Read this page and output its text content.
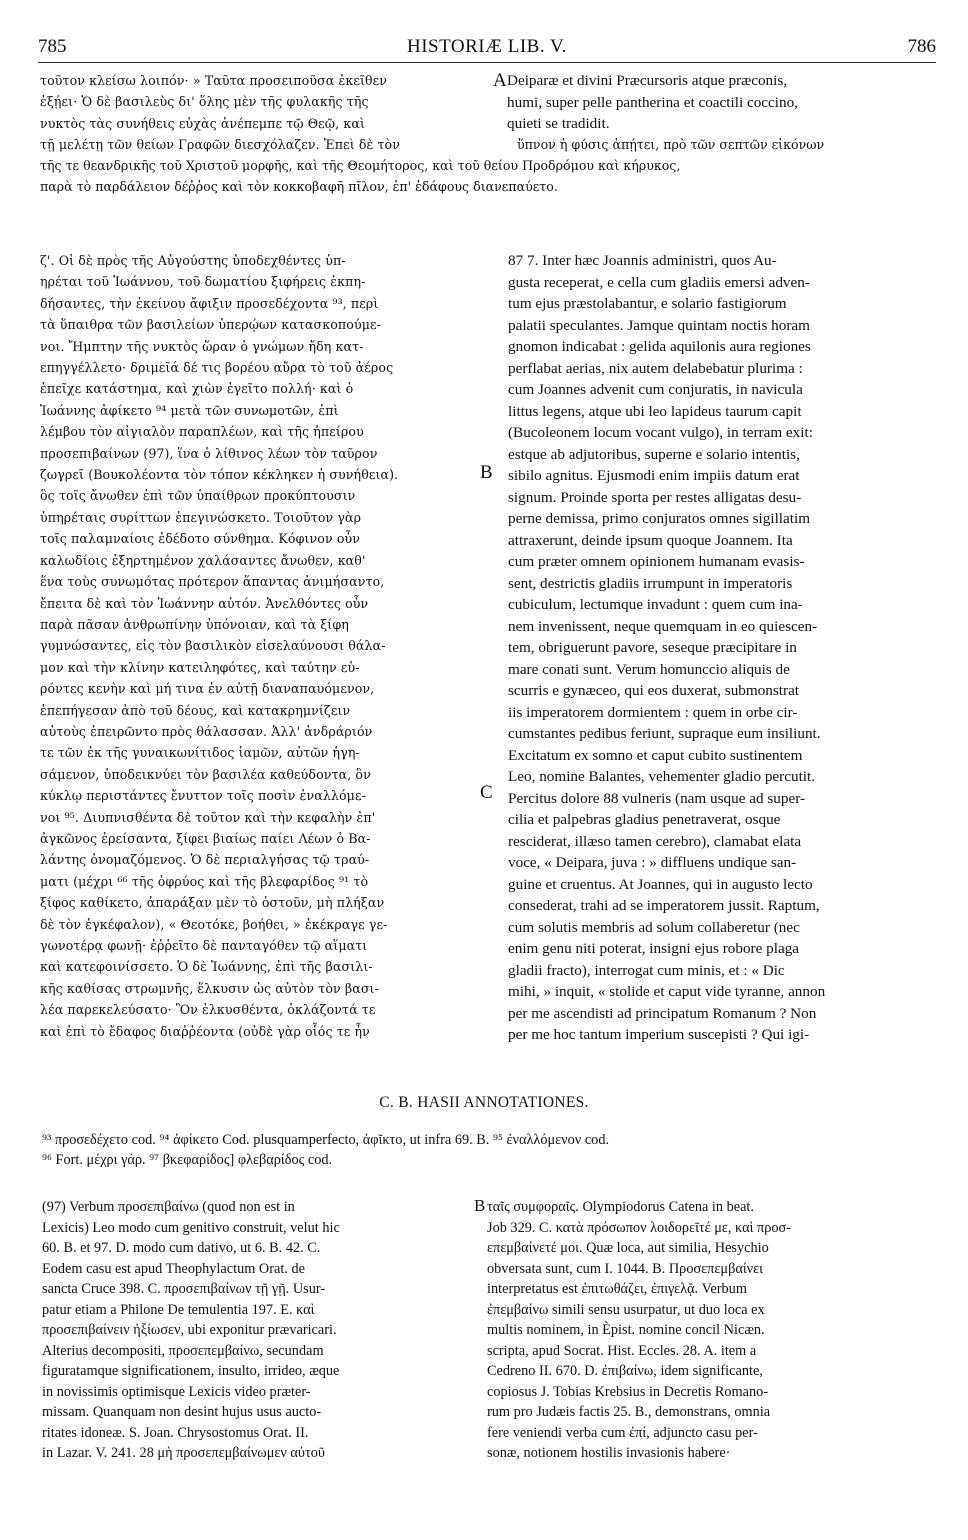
785	HISTORIÆ LIB. V.	786
τοῦτον κλείσω λοιπόν· » Ταῦτα προσειποῦσα ἐκεῖθεν
ἐξῄει· Ὁ δὲ βασιλεὺς δι' ὅλης μὲν τῆς φυλακῆς τῆς
νυκτὸς τὰς συνήθεις εὐχὰς ἀνέπεμπε τῷ Θεῷ, καὶ
τῇ μελέτῃ τῶν θείων Γραφῶν διεσχόλαζεν. Ἐπεὶ δὲ τὸν
A Deiparæ et divini Præcursoris atque præconis,
humi, super pelle pantherina et coactili coccino,
quieti se tradidit.
ὕπνον ἡ φύσις ἀπῄτει, πρὸ τῶν σεπτῶν εἰκόνων
τῆς τε θεανδρικῆς τοῦ Χριστοῦ μορφῆς, καὶ τῆς Θεομήτορος, καὶ τοῦ θείου Προδρόμου καὶ κήρυκος,
παρὰ τὸ παρδάλειον δέῤῥος καὶ τὸν κοκκοβαφῆ πῖλον, ἐπ' ἐδάφους διανεπαύετο.
ζ'. Οἱ δὲ πρὸς τῆς Αὐγούστης ὑποδεχθέντες ὑπ-
ηρέται τοῦ Ἰωάννου, τοῦ δωματίου ξιφήρεις ἐκπη-
δήσαντες, τὴν ἐκείνου ἄφιξιν προσεδέχοντα ⁹³, περὶ
τὰ ὕπαιθρα τῶν βασιλείων ὑπερῴων κατασκοπούμε-
νοι. Ἤμπτην τῆς νυκτὸς ὥραν ὁ γνώμων ἤδη κατ-
επηγγέλλετο· δριμεῖά δέ τις βορέου αὔρα τὸ τοῦ ἀέρος
ἐπεῖχε κατάστημα, καὶ χιὼν ἐγεῖτο πολλή· καὶ ὁ
Ἰωάννης ἀφίκετο ⁹⁴ μετὰ τῶν συνωμοτῶν, ἐπὶ
λέμβου τὸν αἰγιαλὸν παραπλέων, καὶ τῆς ἠπείρου
προσεπιβαίνων (97), ἵνα ὁ λίθινος λέων τὸν ταῦρον
ζωγρεῖ (Βουκολέοντα τὸν τόπον κέκληκεν ἡ συνήθεια).
ὃς τοῖς ἄνωθεν ἐπὶ τῶν ὑπαίθρων προκύπτουσιν
ὑπηρέταις συρίττων ἐπεγινώσκετο. Τοιοῦτον γὰρ
τοῖς παλαμναίοις ἐδέδοτο σύνθημα. Κόφινον οὖν
καλωδίοις ἐξηρτημένον χαλάσαντες ἄνωθεν, καθ'
ἕνα τοὺς συνωμότας πρότερον ἅπαντας ἀνιμήσαντο,
ἔπειτα δὲ καὶ τὸν Ἰωάννην αὐτόν. Ἀνελθόντες οὖν
παρὰ πᾶσαν ἀνθρωπίνην ὑπόνοιαν, καὶ τὰ ξίφη
γυμνώσαντες, εἰς τὸν βασιλικὸν εἰσελαύνουσι θάλα-
μον καὶ τὴν κλίνην κατειληφότες, καὶ ταύτην εὑ-
ρόντες κενὴν καὶ μή τινα ἐν αὐτῇ διαναπαυόμενον,
ἐπεπήγεσαν ἀπὸ τοῦ δέους, καὶ κατακρημνίζειν
αὐτοὺς ἐπειρῶντο πρὸς θάλασσαν. Ἀλλ' ἀνδράριόν
τε τῶν ἐκ τῆς γυναικωνίτιδος ἰαμῶν, αὐτῶν ἡγη-
σάμενον, ὑποδεικνύει τὸν βασιλέα καθεύδοντα, ὃν
κύκλῳ περιστάντες ἔνυττον τοῖς ποσὶν ἐναλλόμε-
νοι ⁹⁵. Διυπνισθέντα δὲ τοῦτον καὶ τὴν κεφαλὴν ἐπ'
ἀγκῶνος ἐρείσαντα, ξίφει βιαίως παίει Λέων ὁ Βα-
λάντης ὀνομαζόμενος. Ὁ δὲ περιαλγήσας τῷ τραύ-
ματι (μέχρι ⁶⁶ τῆς ὀφρύος καὶ τῆς βλεφαρίδος ⁹¹ τὸ
ξίφος καθίκετο, ἀπαράξαν μὲν τὸ ὀστοῦν, μὴ πλήξαν
δὲ τὸν ἐγκέφαλον), « Θεοτόκε, βοήθει, » ἐκέκραγε γε-
γωνοτέρᾳ φωνῇ· ἐῤῥεῖτο δὲ πανταγόθεν τῷ αἵματι
καὶ κατεφοινίσσετο. Ὁ δὲ Ἰωάννης, ἐπὶ τῆς βασιλι-
κῆς καθίσας στρωμνῆς, ἕλκυσιν ὡς αὐτὸν τὸν βασι-
λέα παρεκελεύσατο· Ὃν ἑλκυσθέντα, ὀκλάζοντά τε
καὶ ἐπὶ τὸ ἔδαφος διαῤῥέοντα (οὐδὲ γὰρ οἷός τε ἦν
B
C
87 7. Inter hæc Joannis administri, quos Au-
gusta receperat, e cella cum gladiis emersi adven-
tum ejus præstolabantur, e solario fastigiorum
palatii speculantes. Jamque quintam noctis horam
gnomon indicabat : gelida aquilonis aura regiones
perflabat aerias, nix autem delabebatur plurima :
cum Joannes advenit cum conjuratis, in navicula
littus legens, atque ubi leo lapideus taurum capit
(Bucoleonem locum vocant vulgo), in terram exit:
estque ab adjutoribus, superne e solario intentis,
sibilo agnitus. Ejusmodi enim impiis datum erat
signum. Proinde sporta per restes alligatas desu-
perne demissa, primo conjuratos omnes sigillatim
attraxerunt, deinde ipsum quoque Joannem. Ita
cum præter omnem opinionem humanam evasis-
sent, destrictis gladiis irrumpunt in imperatoris
cubiculum, lectumque invadunt : quem cum ina-
nem invenissent, neque quemquam in eo quiescen-
tem, obriguerunt pavore, seseque præcipitare in
mare conati sunt. Verum homunccio aliquis de
scurris e gynæceo, qui eos duxerat, submonstrat
iis imperatorem dormientem : quem in orbe cir-
cumstantes pedibus feriunt, supraque eum insiliunt.
Excitatum ex somno et caput cubito sustinentem
Leo, nomine Balantes, vehementer gladio percutit.
Percitus dolore 88 vulneris (nam usque ad super-
cilia et palpebras gladius penetraverat, osque
resciderat, illæso tamen cerebro), clamabat elata
voce, « Deipara, juva : » diffluens undique san-
guine et cruentus. At Joannes, qui in augusto lecto
consederat, trahi ad se imperatorem jussit. Raptum,
cum solutis membris ad solum collaberetur (nec
enim genu niti poterat, insigni ejus robore plaga
gladii fracto), interrogat cum minis, et : « Dic
mihi, » inquit, « stolide et caput vide tyranne, annon
per me ascendisti ad principatum Romanum ? Non
per me hoc tantum imperium suscepisti ? Qui igi-
C. B. HASII ANNOTATIONES.
⁹³ προσεδέχετο cod. ⁹⁴ ἀφίκετο Cod. plusquamperfecto, ἀφῖκτο, ut infra 69. B. ⁹⁵ ἐναλλόμενον cod.
⁹⁶ Fort. μέχρι γάρ. ⁹⁷ βκεφαρίδος] φλεβαρίδος cod.
B
(97) Verbum προσεπιβαίνω (quod non est in
Lexicis) Leo modo cum genitivo construit, velut hic
60. B. et 97. D. modo cum dativo, ut 6. B. 42. C.
Eodem casu est apud Theophylactum Orat. de
sancta Cruce 398. C. προσεπιβαίνων τῇ γῇ. Usur-
patur etiam a Philone De temulentia 197. E. καὶ
προσεπιβαίνειν ἠξίωσεν, ubi exponitur prævaricari.
Alterius decompositi, προσεπεμβαίνω, secundam
figuratamque significationem, insulto, irrideo, æque
in novissimis optimisque Lexicis video præter-
missam. Quanquam non desint hujus usus aucto-
ritates idoneæ. S. Joan. Chrysostomus Orat. II.
in Lazar. V. 241. 28 μὴ προσεπεμβαίνωμεν αὐτοῦ
ταῖς συμφοραῖς. Olympiodorus Catena in beat.
Job 329. C. κατὰ πρόσωπον λοιδορεῖτέ με, καὶ προσ-
επεμβαίνετέ μοι. Quæ loca, aut similia, Hesychio
obversata sunt, cum I. 1044. B. Προσεπεμβαίνει
interpretatus est ἐπιτωθάζει, ἐπιγελᾷ. Verbum
ἐπεμβαίνω simili sensu usurpatur, ut duo loca ex
multis nominem, in Èpist. nomine concil Nicæn.
scripta, apud Socrat. Hist. Eccles. 28. A. item a
Cedreno II. 670. D. ἐπιβαίνω, idem significante,
copiosus J. Tobias Krebsius in Decretis Romano-
rum pro Judæis factis 25. B., demonstrans, omnia
fere veniendi verba cum ἐπί, adjuncto casu per-
sonæ, notionem hostilis invasionis habere·
